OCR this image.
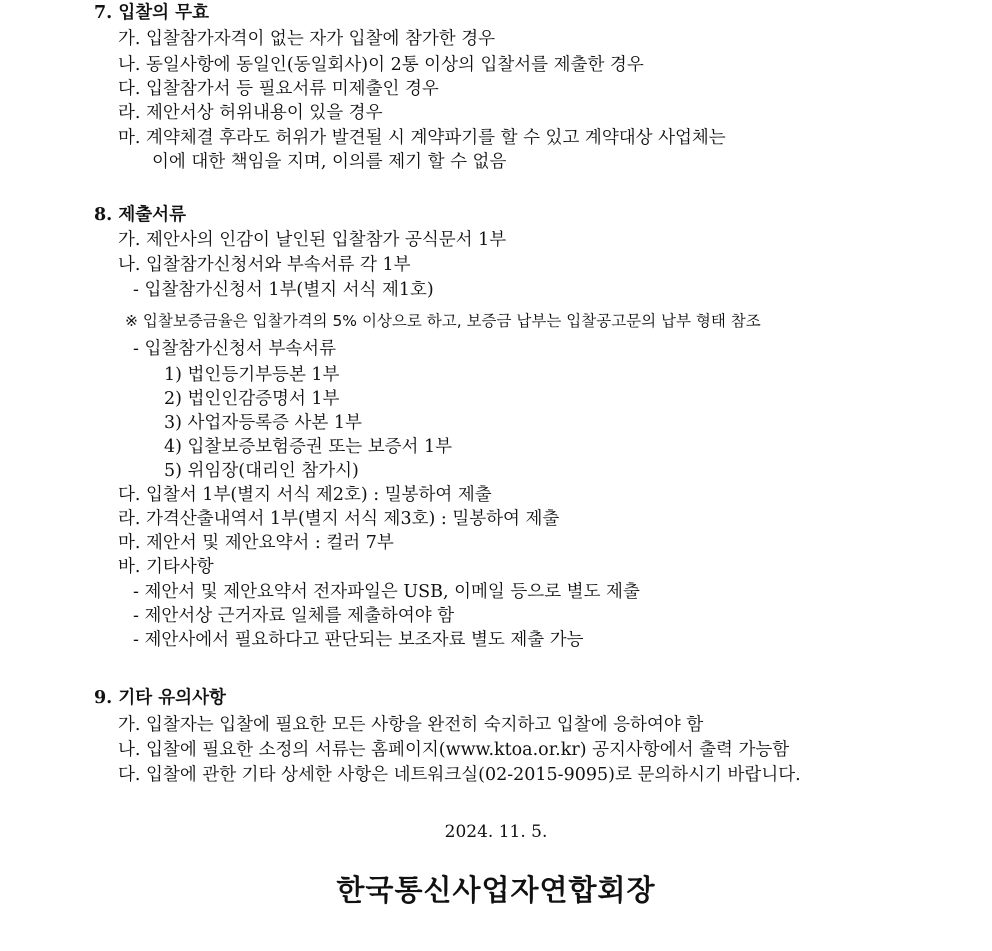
7. 입찰의 무효
가. 입찰참가자격이 없는 자가 입찰에 참가한 경우
나. 동일사항에 동일인(동일회사)이 2통 이상의 입찰서를 제출한 경우
다. 입찰참가서 등 필요서류 미제출인 경우
라. 제안서상 허위내용이 있을 경우
마. 계약체결 후라도 허위가 발견될 시 계약파기를 할 수 있고 계약대상 사업체는
이에 대한 책임을 지며, 이의를 제기 할 수 없음
8. 제출서류
가. 제안사의 인감이 날인된 입찰참가 공식문서 1부
나. 입찰참가신청서와 부속서류 각 1부
- 입찰참가신청서 1부(별지 서식 제1호)
※ 입찰보증금율은 입찰가격의 5% 이상으로 하고, 보증금 납부는 입찰공고문의 납부 형태 참조
- 입찰참가신청서 부속서류
1) 법인등기부등본 1부
2) 법인인감증명서 1부
3) 사업자등록증 사본 1부
4) 입찰보증보험증권 또는 보증서 1부
5) 위임장(대리인 참가시)
다. 입찰서 1부(별지 서식 제2호) : 밀봉하여 제출
라. 가격산출내역서 1부(별지 서식 제3호) : 밀봉하여 제출
마. 제안서 및 제안요약서 : 컬러 7부
바. 기타사항
- 제안서 및 제안요약서 전자파일은 USB, 이메일 등으로 별도 제출
- 제안서상 근거자료 일체를 제출하여야 함
- 제안사에서 필요하다고 판단되는 보조자료 별도 제출 가능
9. 기타 유의사항
가. 입찰자는 입찰에 필요한 모든 사항을 완전히 숙지하고 입찰에 응하여야 함
나. 입찰에 필요한 소정의 서류는 홈페이지(www.ktoa.or.kr) 공지사항에서 출력 가능함
다. 입찰에 관한 기타 상세한 사항은 네트워크실(02-2015-9095)로 문의하시기 바랍니다.
2024. 11. 5.
한국통신사업자연합회장
